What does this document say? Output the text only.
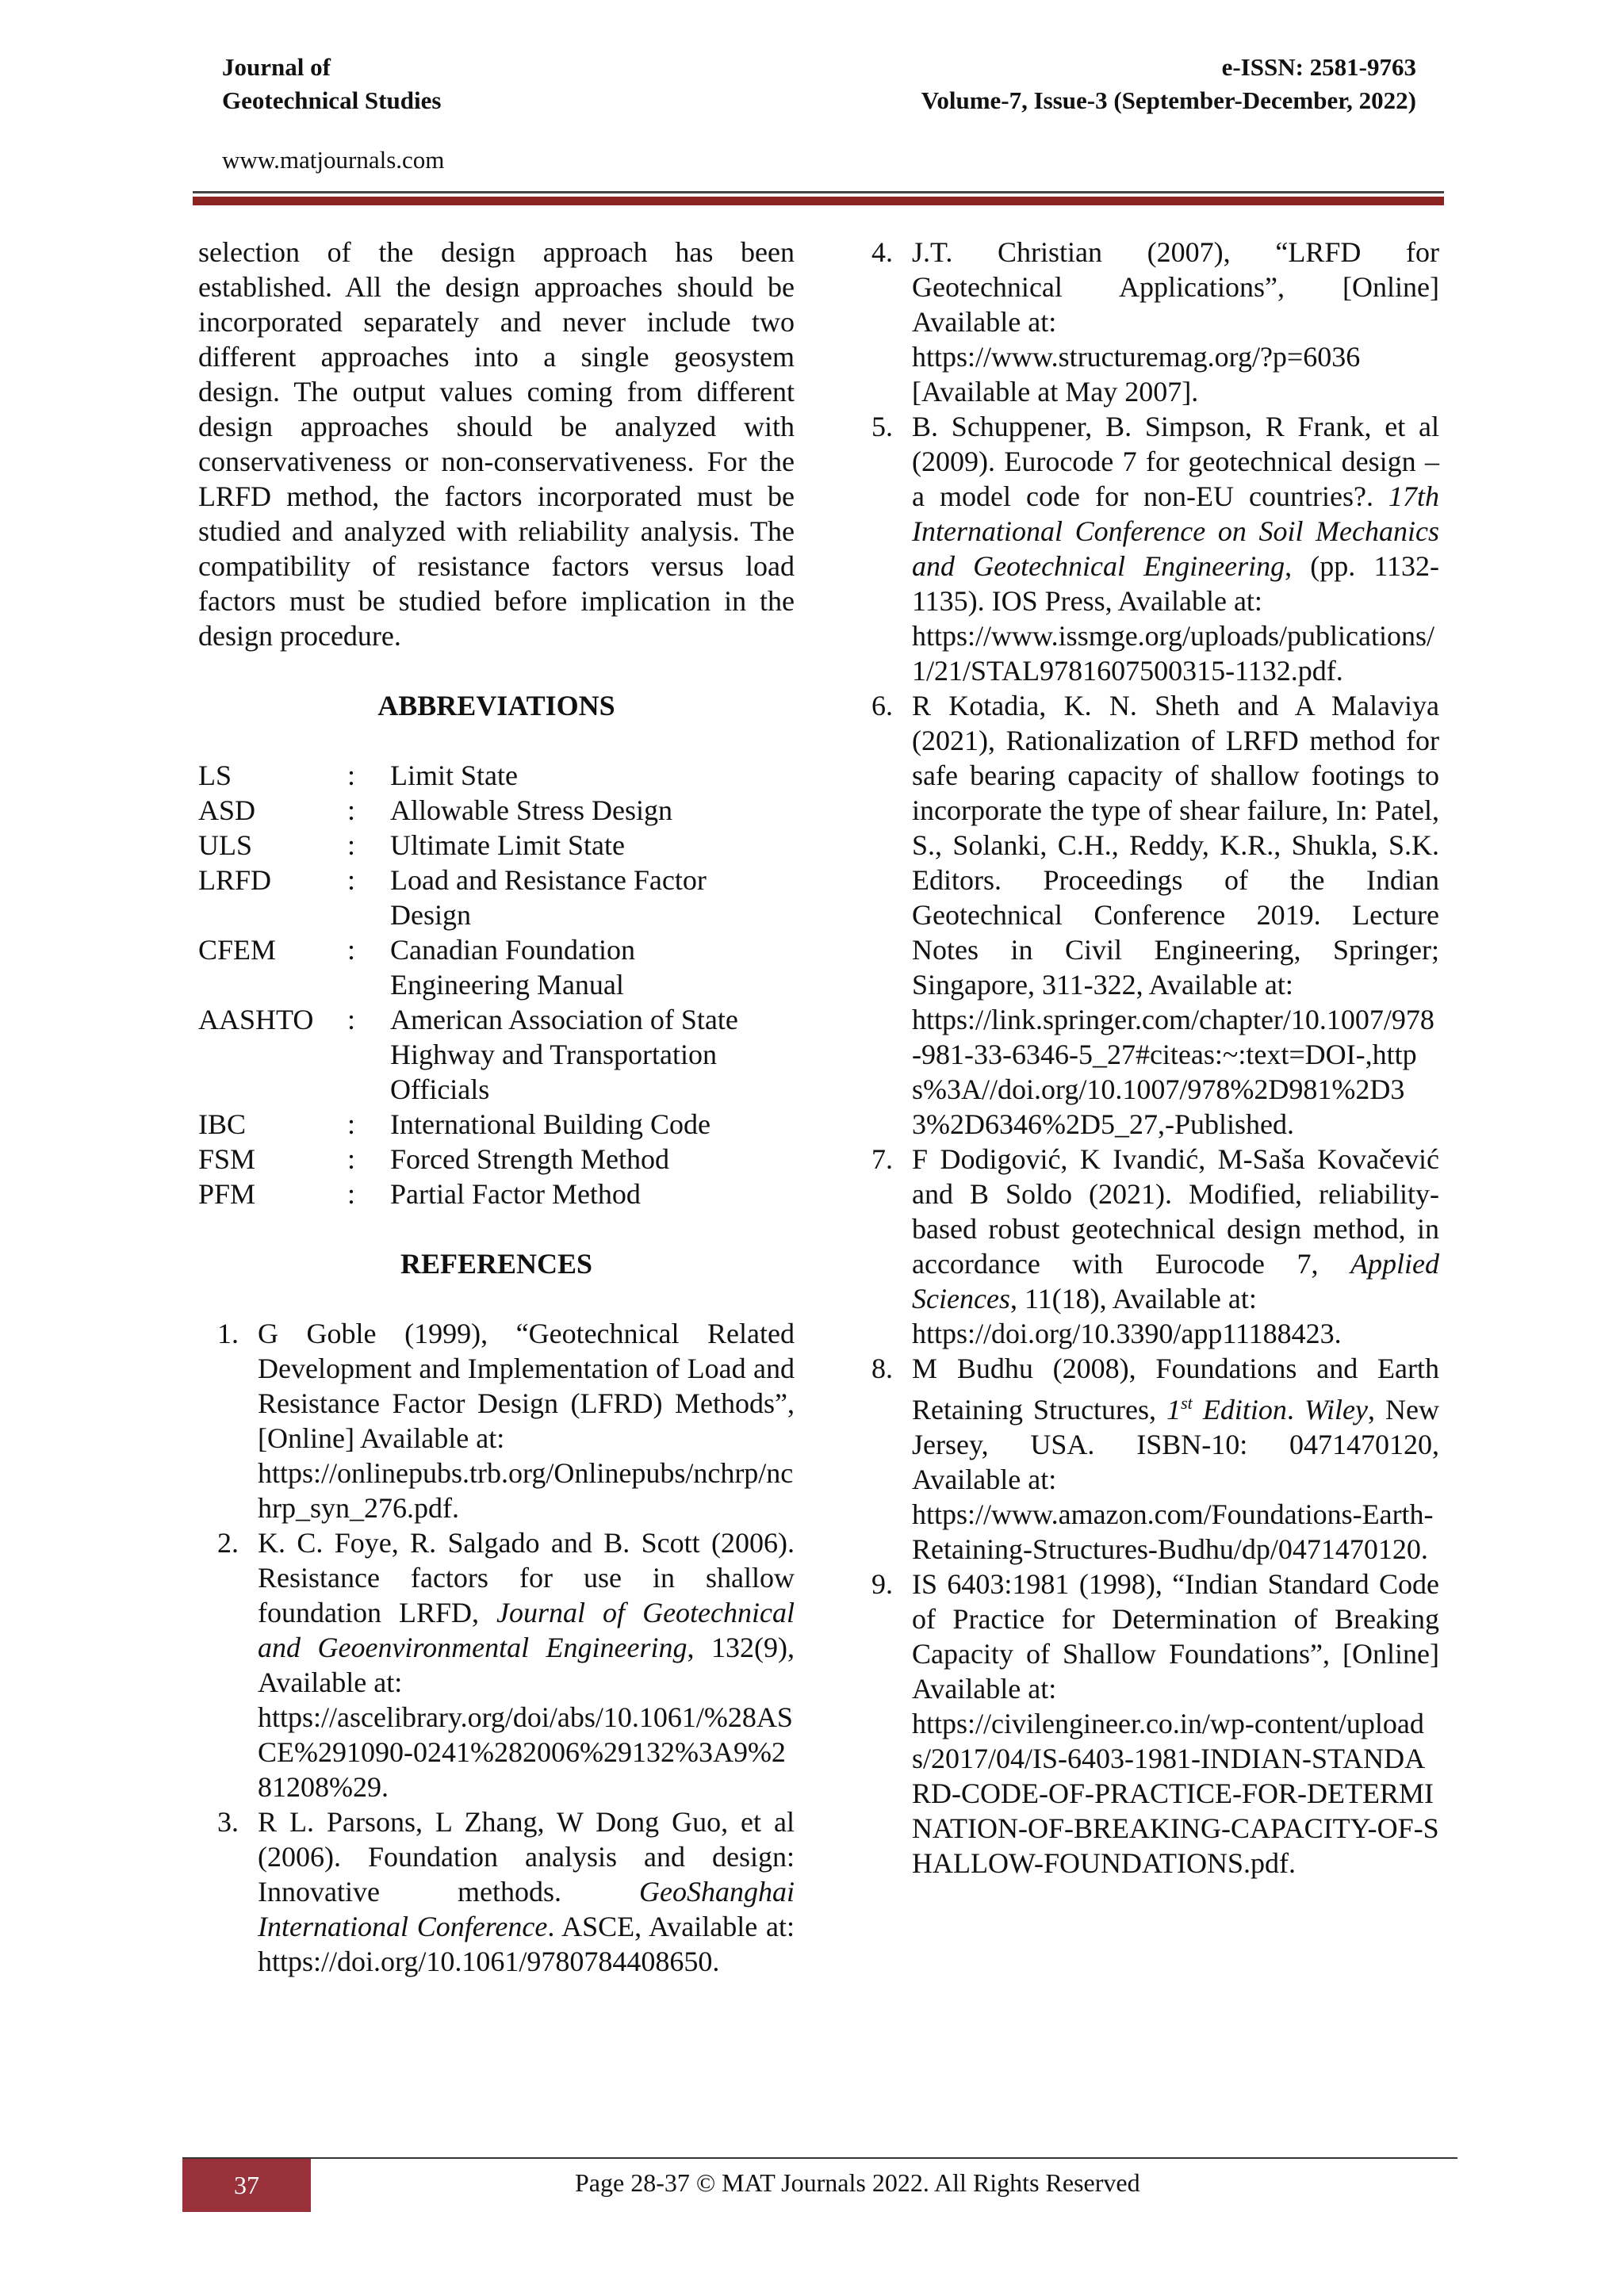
Journal of
Geotechnical Studies
e-ISSN: 2581-9763
Volume-7, Issue-3 (September-December, 2022)
www.matjournals.com

selection of the design approach has been established. All the design approaches should be incorporated separately and never include two different approaches into a single geosystem design. The output values coming from different design approaches should be analyzed with conservativeness or non-conservativeness. For the LRFD method, the factors incorporated must be studied and analyzed with reliability analysis. The compatibility of resistance factors versus load factors must be studied before implication in the design procedure.

ABBREVIATIONS

LS	:	Limit State
ASD	:	Allowable Stress Design
ULS	:	Ultimate Limit State
LRFD	:	Load and Resistance Factor Design
CFEM	:	Canadian Foundation Engineering Manual
AASHTO	:	American Association of State Highway and Transportation Officials
IBC	:	International Building Code
FSM	:	Forced Strength Method
PFM	:	Partial Factor Method

REFERENCES

1. G Goble (1999), “Geotechnical Related Development and Implementation of Load and Resistance Factor Design (LFRD) Methods”, [Online] Available at:
https://onlinepubs.trb.org/Onlinepubs/nchrp/nchrp_syn_276.pdf.
2. K. C. Foye, R. Salgado and B. Scott (2006). Resistance factors for use in shallow foundation LRFD, Journal of Geotechnical and Geoenvironmental Engineering, 132(9), Available at:
https://ascelibrary.org/doi/abs/10.1061/%28ASCE%291090-0241%282006%29132%3A9%281208%29.
3. R L. Parsons, L Zhang, W Dong Guo, et al (2006). Foundation analysis and design: Innovative methods.	GeoShanghai International Conference. ASCE, Available at: https://doi.org/10.1061/9780784408650.
4. J.T. Christian (2007), “LRFD for Geotechnical Applications”, [Online] Available at:
https://www.structuremag.org/?p=6036
[Available at May 2007].
5. B. Schuppener, B. Simpson, R Frank, et al (2009). Eurocode 7 for geotechnical design – a model code for non-EU countries?. 17th International Conference on Soil Mechanics and Geotechnical Engineering, (pp. 1132-1135). IOS Press, Available at:
https://www.issmge.org/uploads/publications/1/21/STAL9781607500315-1132.pdf.
6. R Kotadia, K. N. Sheth and A Malaviya (2021), Rationalization of LRFD method for safe bearing capacity of shallow footings to incorporate the type of shear failure, In: Patel, S., Solanki, C.H., Reddy, K.R., Shukla, S.K. Editors. Proceedings of the Indian Geotechnical Conference 2019. Lecture Notes in Civil Engineering, Springer; Singapore, 311-322, Available at:
https://link.springer.com/chapter/10.1007/978-981-33-6346-5_27#citeas:~:text=DOI-,https%3A//doi.org/10.1007/978%2D981%2D33%2D6346%2D5_27,-Published.
7. F Dodigović, K Ivandić, M-Saša Kovačević and B Soldo (2021). Modified, reliability-based robust geotechnical design method, in accordance with Eurocode 7, Applied Sciences, 11(18), Available at:
https://doi.org/10.3390/app11188423.
8. M Budhu (2008), Foundations and Earth Retaining Structures, 1st Edition. Wiley, New Jersey, USA. ISBN-10: 0471470120, Available at:
https://www.amazon.com/Foundations-Earth-Retaining-Structures-Budhu/dp/0471470120.
9. IS 6403:1981 (1998), “Indian Standard Code of Practice for Determination of Breaking Capacity of Shallow Foundations”, [Online] Available at:
https://civilengineer.co.in/wp-content/uploads/2017/04/IS-6403-1981-INDIAN-STANDARD-CODE-OF-PRACTICE-FOR-DETERMINATION-OF-BREAKING-CAPACITY-OF-SHALLOW-FOUNDATIONS.pdf.
37	Page 28-37 © MAT Journals 2022. All Rights Reserved
